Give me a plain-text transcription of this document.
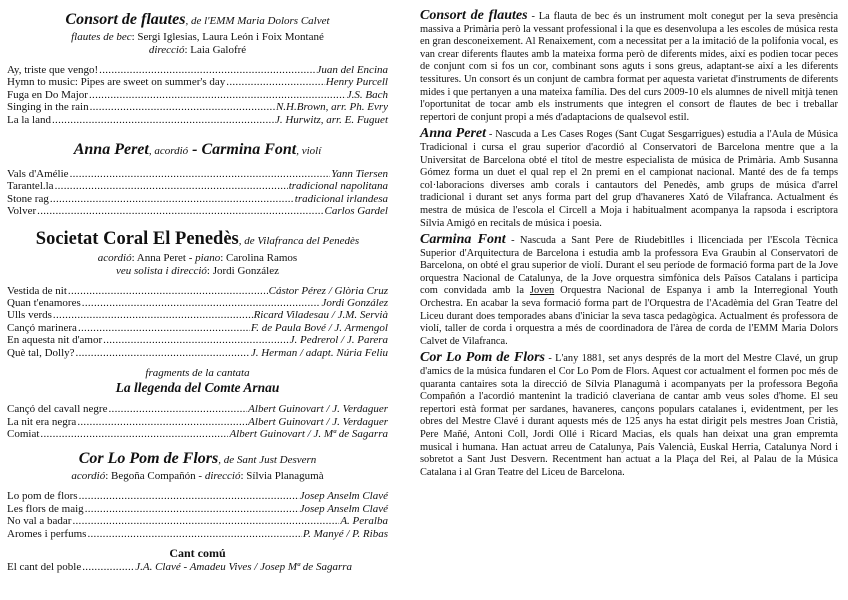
Consort de flautes, de l'EMM Maria Dolors Calvet
flautes de bec: Sergi Iglesias, Laura León i Foix Montané
direcció: Laia Galofré
Ay, triste que vengo! .....	Juan del Encina
Hymn to music: Pipes are sweet on summer's day .....	Henry Purcell
Fuga en Do Major .....	J.S. Bach
Singing in the rain .....	N.H.Brown, arr. Ph. Evry
La la land .....	J. Hurwitz, arr. E. Fuguet
Anna Peret, acordió - Carmina Font, violí
Vals d'Amélie .....	Yann Tiersen
Tarantel.la .....	tradicional napolitana
Stone rag .....	tradicional irlandesa
Volver .....	Carlos Gardel
Societat Coral El Penedès, de Vilafranca del Penedès
acordió: Anna Peret - piano: Carolina Ramos
veu solista i direcció: Jordi González
Vestida de nit .....	Cástor Pérez / Glòria Cruz
Quan t'enamores .....	Jordi González
Ulls verds .....	Ricard Viladesau / J.M. Servià
Cançó marinera .....	F. de Paula Bové / J. Armengol
En aquesta nit d'amor .....	J. Pedrerol / J. Parera
Què tal, Dolly? .....	J. Herman / adapt. Núria Feliu
fragments de la cantata
La llegenda del Comte Arnau
Cançó del cavall negre .....	Albert Guinovart / J. Verdaguer
La nit era negra .....	Albert Guinovart / J. Verdaguer
Comiat .....	Albert Guinovart / J. Mª de Sagarra
Cor Lo Pom de Flors, de Sant Just Desvern
acordió: Begoña Compañón - direcció: Sílvia Planagumà
Lo pom de flors .....	Josep Anselm Clavé
Les flors de maig .....	Josep Anselm Clavé
No val a badar .....	A. Peralba
Aromes i perfums .....	P. Manyé / P. Ribas
Cant comú
El cant del poble .....	J.A. Clavé - Amadeu Vives / Josep Mª de Sagarra

Consort de flautes - La flauta de bec és un instrument molt conegut per la seva presència massiva a Primària però la vessant professional i la que es desenvolupa a les escoles de música resta en gran desconeixement. Al Renaixement, com a necessitat per a la imitació de la polifonia vocal, es van crear diferents flautes amb la mateixa forma però de diferents mides, així es podien tocar peces de conjunt com si fos un cor, combinant sons aguts i sons greus, adaptant-se així a les diferents tessitures. Un consort és un conjunt de cambra format per aquesta varietat d'instruments de diferents mides i que pertanyen a una mateixa família. Des del curs 2009-10 els alumnes de nivell mitjà tenen l'oportunitat de tocar amb els instruments que integren el consort de flautes de bec i treballar repertori de conjunt propi a més d'adaptacions de qualsevol estil.

Anna Peret - Nascuda a Les Cases Roges (Sant Cugat Sesgarrigues) estudia a l'Aula de Música Tradicional i cursa el grau superior d'acordió al Conservatori de Barcelona mentre que a la Universitat de Barcelona obté el títol de mestre especialista de música de Primària. Amb Susanna Gómez forma un duet el qual rep el 2n premi en el campionat nacional. Manté des de fa temps col·laboracions diverses amb corals i cantautors del Penedès, amb grups de música d'arrel tradicional i durant set anys forma part del grup d'havaneres Xató de Vilafranca. Actualment és mestra de música de l'escola el Circell a Moja i habitualment acompanya la rapsoda i escriptora Sílvia Amigó en recitals de música i poesia.

Carmina Font - Nascuda a Sant Pere de Riudebitlles i llicenciada per l'Escola Tècnica Superior d'Arquitectura de Barcelona i estudia amb la professora Eva Graubin al Conservatori de Barcelona, on obté el grau superior de violí. Durant el seu període de formació forma part de la Jove orquestra Nacional de Catalunya, de la Jove orquestra simfònica dels Països Catalans i participa com convidada amb la Joven Orquestra Nacional de Espanya i amb la Interregional Youth Orchestra. En acabar la seva formació forma part de l'Orquestra de l'Acadèmia del Gran Teatre del Liceu durant does temporades abans d'iniciar la seva tasca pedagògica. Actualment és professora de violí, taller de corda i orquestra a més de coordinadora de l'àrea de corda de l'EMM Maria Dolors Calvet de Vilafranca.

Cor Lo Pom de Flors - L'any 1881, set anys després de la mort del Mestre Clavé, un grup d'amics de la música fundaren el Cor Lo Pom de Flors. Aquest cor actualment el formen poc més de quaranta cantaires sota la direcció de Sílvia Planagumà i acompanyats per la professora Begoña Compañón a l'acordió mantenint la tradició claveriana de cantar amb veus soles d'home. El seu repertori està format per sardanes, havaneres, cançons populars catalanes i, evidentment, per les obres del Mestre Clavé i durant aquests més de 125 anys ha estat dirigit pels mestres Joan Cristià, Pere Mañé, Antoni Coll, Jordi Ollé i Ricard Macias, els quals han deixat una gran empremta musical i humana. Han actuat arreu de Catalunya, País Valencià, Euskal Herria, Catalunya Nord i sobretot a Sant Just Desvern. Recentment han actuat a la Plaça del Rei, al Palau de la Música Catalana i al Gran Teatre del Liceu de Barcelona.
